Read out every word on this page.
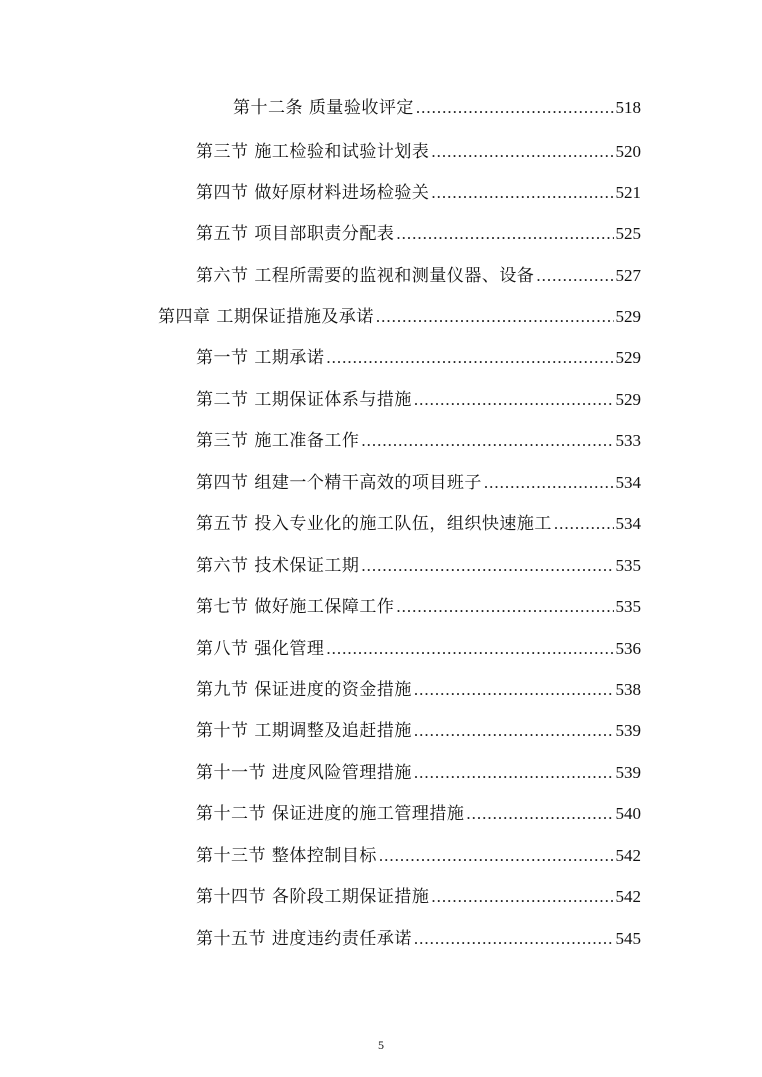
第十二条 质量验收评定 .....	518
第三节 施工检验和试验计划表 .....	520
第四节 做好原材料进场检验关 .....	521
第五节 项目部职责分配表 .....	525
第六节 工程所需要的监视和测量仪器、设备 .....	527
第四章 工期保证措施及承诺 .....	529
第一节 工期承诺 .....	529
第二节 工期保证体系与措施 .....	529
第三节 施工准备工作 .....	533
第四节 组建一个精干高效的项目班子 .....	534
第五节 投入专业化的施工队伍，组织快速施工 .....	534
第六节 技术保证工期 .....	535
第七节 做好施工保障工作 .....	535
第八节 强化管理 .....	536
第九节 保证进度的资金措施 .....	538
第十节 工期调整及追赶措施 .....	539
第十一节 进度风险管理措施 .....	539
第十二节 保证进度的施工管理措施 .....	540
第十三节 整体控制目标 .....	542
第十四节 各阶段工期保证措施 .....	542
第十五节 进度违约责任承诺 .....	545
5
